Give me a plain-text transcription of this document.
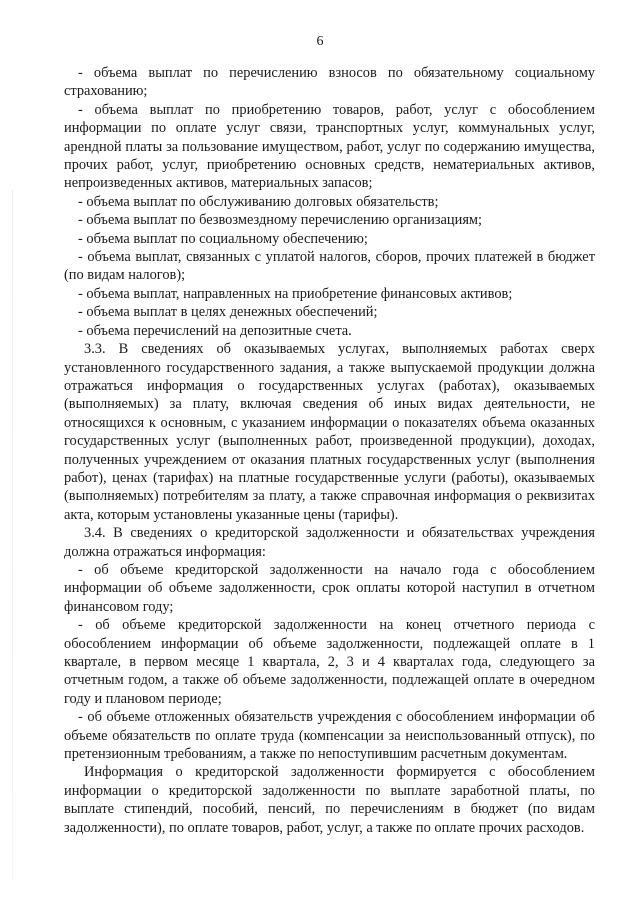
6

- объема выплат по перечислению взносов по обязательному социальному страхованию;

- объема выплат по приобретению товаров, работ, услуг с обособлением информации по оплате услуг связи, транспортных услуг, коммунальных услуг, арендной платы за пользование имуществом, работ, услуг по содержанию имущества, прочих работ, услуг, приобретению основных средств, нематериальных активов, непроизведенных активов, материальных запасов;

- объема выплат по обслуживанию долговых обязательств;

- объема выплат по безвозмездному перечислению организациям;

- объема выплат по социальному обеспечению;

- объема выплат, связанных с уплатой налогов, сборов, прочих платежей в бюджет (по видам налогов);

- объема выплат, направленных на приобретение финансовых активов;

- объема выплат в целях денежных обеспечений;

- объема перечислений на депозитные счета.

3.3. В сведениях об оказываемых услугах, выполняемых работах сверх установленного государственного задания, а также выпускаемой продукции должна отражаться информация о государственных услугах (работах), оказываемых (выполняемых) за плату, включая сведения об иных видах деятельности, не относящихся к основным, с указанием информации о показателях объема оказанных государственных услуг (выполненных работ, произведенной продукции), доходах, полученных учреждением от оказания платных государственных услуг (выполнения работ), ценах (тарифах) на платные государственные услуги (работы), оказываемых (выполняемых) потребителям за плату, а также справочная информация о реквизитах акта, которым установлены указанные цены (тарифы).

3.4. В сведениях о кредиторской задолженности и обязательствах учреждения должна отражаться информация:

- об объеме кредиторской задолженности на начало года с обособлением информации об объеме задолженности, срок оплаты которой наступил в отчетном финансовом году;

- об объеме кредиторской задолженности на конец отчетного периода с обособлением информации об объеме задолженности, подлежащей оплате в 1 квартале, в первом месяце 1 квартала, 2, 3 и 4 кварталах года, следующего за отчетным годом, а также об объеме задолженности, подлежащей оплате в очередном году и плановом периоде;

- об объеме отложенных обязательств учреждения с обособлением информации об объеме обязательств по оплате труда (компенсации за неиспользованный отпуск), по претензионным требованиям, а также по непоступившим расчетным документам.

Информация о кредиторской задолженности формируется с обособлением информации о кредиторской задолженности по выплате заработной платы, по выплате стипендий, пособий, пенсий, по перечислениям в бюджет (по видам задолженности), по оплате товаров, работ, услуг, а также по оплате прочих расходов.
